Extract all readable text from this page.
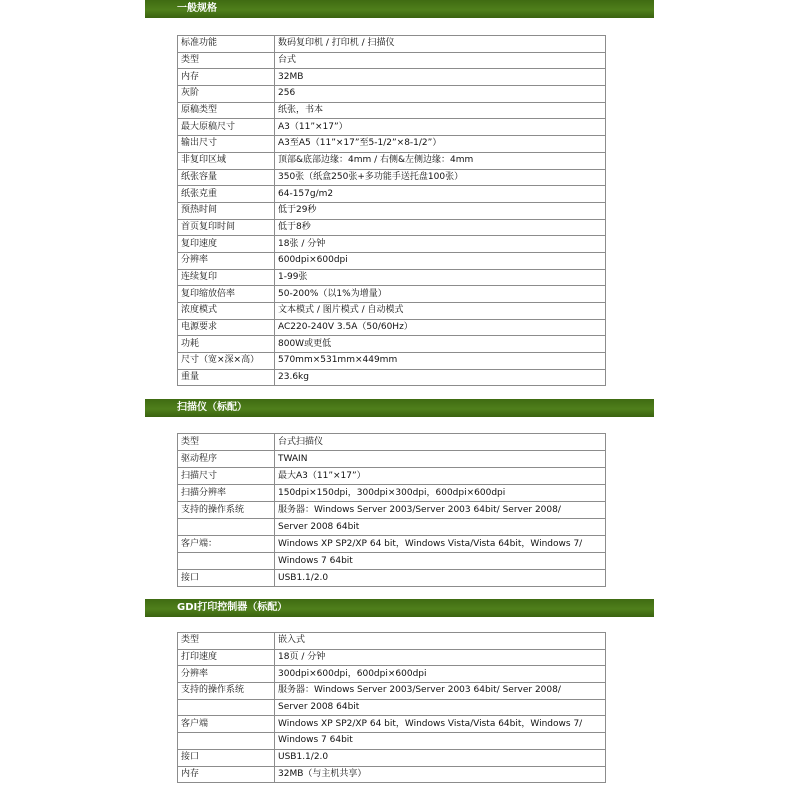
一般规格
标准功能	数码复印机 / 打印机 / 扫描仪
类型	台式
内存	32MB
灰阶	256
原稿类型	纸张，书本
最大原稿尺寸	A3（11”×17”）
输出尺寸	A3至A5（11”×17”至5-1/2”×8-1/2”）
非复印区域	顶部&底部边缘：4mm / 右侧&左侧边缘：4mm
纸张容量	350张（纸盒250张+多功能手送托盘100张）
纸张克重	64-157g/m2
预热时间	低于29秒
首页复印时间	低于8秒
复印速度	18张 / 分钟
分辨率	600dpi×600dpi
连续复印	1-99张
复印缩放倍率	50-200%（以1%为增量）
浓度模式	文本模式 / 图片模式 / 自动模式
电源要求	AC220-240V 3.5A（50/60Hz）
功耗	800W或更低
尺寸（宽×深×高）	570mm×531mm×449mm
重量	23.6kg
扫描仪（标配）
类型	台式扫描仪
驱动程序	TWAIN
扫描尺寸	最大A3（11”×17”）
扫描分辨率	150dpi×150dpi，300dpi×300dpi，600dpi×600dpi
支持的操作系统	服务器：Windows Server 2003/Server 2003 64bit/ Server 2008/
	Server 2008 64bit
客户端：	Windows XP SP2/XP 64 bit，Windows Vista/Vista 64bit，Windows 7/
	Windows 7 64bit
接口	USB1.1/2.0
GDI打印控制器（标配）
类型	嵌入式
打印速度	18页 / 分钟
分辨率	300dpi×600dpi，600dpi×600dpi
支持的操作系统	服务器：Windows Server 2003/Server 2003 64bit/ Server 2008/
	Server 2008 64bit
客户端	Windows XP SP2/XP 64 bit，Windows Vista/Vista 64bit，Windows 7/
	Windows 7 64bit
接口	USB1.1/2.0
内存	32MB（与主机共享）
